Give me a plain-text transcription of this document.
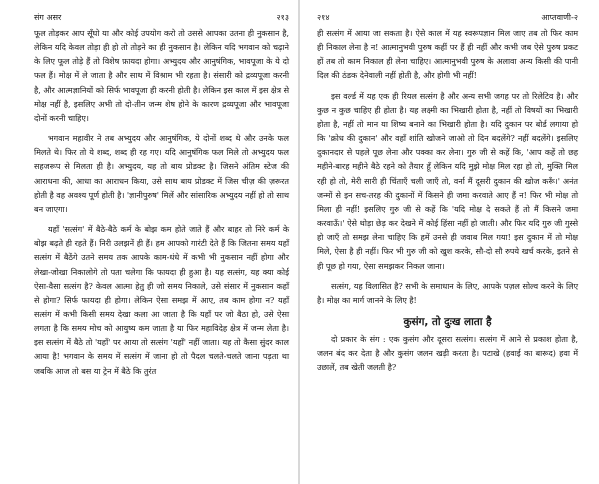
संग असर	२१३

फूल तोड़कर आप सूँघो या और कोई उपयोग करो तो उससे आपका उतना ही नुकसान है, लेकिन यदि केवल तोड़ा ही हो तो तोड़ने का ही नुकसान है। लेकिन यदि भगवान को चढ़ाने के लिए फूल तोड़े हैं तो विशेष फ़ायदा होगा। अभ्युदय और आनुषंगिक, भावपूजा के ये दो फल हैं। मोक्ष में ले जाता है और साथ में विश्राम भी रहता है। संसारी को द्रव्यपूजा करनी है, और आत्मज्ञानियों को सिर्फ भावपूजा ही करनी होती है। लेकिन इस काल में इस क्षेत्र से मोक्ष नहीं है, इसलिए अभी तो दो-तीन जन्म शेष होने के कारण द्रव्यपूजा और भावपूजा दोनों करनी चाहिए।

भगवान महावीर ने तब अभ्युदय और आनुषंगिक, ये दोनों शब्द थे और उनके फल मिलते थे। फिर तो ये शब्द, शब्द ही रह गए। यदि आनुषंगिक फल मिले तो अभ्युदय फल सहजरूप से मिलता ही है। अभ्युदय, यह तो बाय प्रोडक्ट है। जिसने अंतिम स्टेज की आराधना की, आधा का आराधन किया, उसे साथ बाय प्रोडक्ट में जिस चीज़ की ज़रूरत होती है वह अवश्य पूर्ण होती है। 'ज्ञानीपुरुष' मिलें और सांसारिक अभ्युदय नहीं हो तो साथ बन जाएगा।

यहाँ 'सत्संग' में बैठे-बैठे कर्म के बोझ कम होते जाते हैं और बाहर तो निरे कर्म के बोझ बढ़ते ही रहते हैं। निरी उलझनें ही हैं। हम आपको गारंटी देते हैं कि जितना समय यहाँ सत्संग में बैठेंगे उतने समय तक आपके काम-धंधे में कभी भी नुकसान नहीं होगा और लेखा-जोखा निकालोगे तो पता चलेगा कि फायदा ही हुआ है। यह सत्संग, यह क्या कोई ऐसा-वैसा सत्संग है? केवल आत्मा हेतु ही जो समय निकाले, उसे संसार में नुकसान कहाँ से होगा? सिर्फ फायदा ही होगा। लेकिन ऐसा समझ में आए, तब काम होगा न? यहाँ सत्संग में कभी किसी समय देखा कला आ जाता है कि यहाँ पर जो बैठा हो, उसे ऐसा लगता है कि समय मोच को आयुष्य कम जाता है या फिर महाविदेह क्षेत्र में जन्म लेता है। इस सत्संग में बैठे तो 'यहाँ' पर आया तो सत्संग 'यहाँ' नहीं जाता। यह तो कैसा सुंदर काल आया है! भगवान के समय में सत्संग में जाना हो तो पैदल चलते-चलते जाना पड़ता था जबकि आज तो बस या ट्रेन में बैठे कि तुरंत

२१४	आप्तवाणी-२

ही सत्संग में आया जा सकता है। ऐसे काल में यह स्वरूपज्ञान मिल जाए तब तो फिर काम ही निकाल लेना है न! आत्मानुभवी पुरुष कहीं पर हैं ही नहीं और कभी जब ऐसे पुरुष प्रकट हों तब तो काम निकाल ही लेना चाहिए। आत्मानुभवी पुरुष के अलावा अन्य किसी की पानी दिल की ठंडक देनेवाली नहीं होती है, और होगी भी नहीं!

इस वर्ल्ड में यह एक ही रियल सत्संग है और अन्य सभी जगह पर तो रिलेटिव है। और कुछ न कुछ चाहिए ही होता है। यह लक्ष्मी का भिखारी होता है, नहीं तो विषयों का भिखारी होता है, नहीं तो मान या शिष्य बनाने का भिखारी होता है। यदि दुकान पर बोर्ड लगाया हो कि 'क्रोध की दुकान' और वहाँ शांति खोजने जाओ तो दिन बदलेंगे? नहीं बदलेंगे। इसलिए दुकानदार से पहले पूछ लेना और पक्का कर लेना। गुरु जी से कहें कि, 'आप कहें तो छह महीने-बारह महीने बैठे रहने को तैयार हूँ लेकिन यदि मुझे मोक्ष मिल रहा हो तो, मुक्ति मिल रही हो तो, मेरी सारी ही चिंताएँ चली जाएँ तो, वर्ना मैं दूसरी दुकान की खोज करूँ।' अनंत जन्मों से इन सच-तरह की दुकानों में किसने ही जमा करवाते आए हैं न! फिर भी मोक्ष तो मिला ही नहीं! इसलिए गुरु जी से कहें कि 'यदि मोक्ष दे सकते हैं तो मैं किसने जमा करवाऊँ।' ऐसे थोड़ा छेड़ कर देखने में कोई हिंसा नहीं हो जाती। और फिर यदि गुरु जी गुस्से हो जाएँ तो समझ लेना चाहिए कि हमें उनसे ही जवाब मिल गया! इस दुकान में तो मोक्ष मिले, ऐसा है ही नहीं। फिर भी गुरु जी को खुश करके, सौ-दो सौ रुपये खर्च करके, इतने से ही पूछ हो गया, ऐसा समझकर निकल जाना।

सत्संग, यह विलासित है? सभी के समाधान के लिए, आपके पज़ल सोल्व करने के लिए है। मोक्ष का मार्ग जानने के लिए है!

कुसंग, तो दुःख लाता है

दो प्रकार के संग : एक कुसंग और दूसरा सत्संग। सत्संग में आने से प्रकाश होता है, जलन बंद कर देता है और कुसंग जलन खड़ी करता है। पटाखे (हवाई का बारूद) हवा में उछालें, तब खेती जलती है?
